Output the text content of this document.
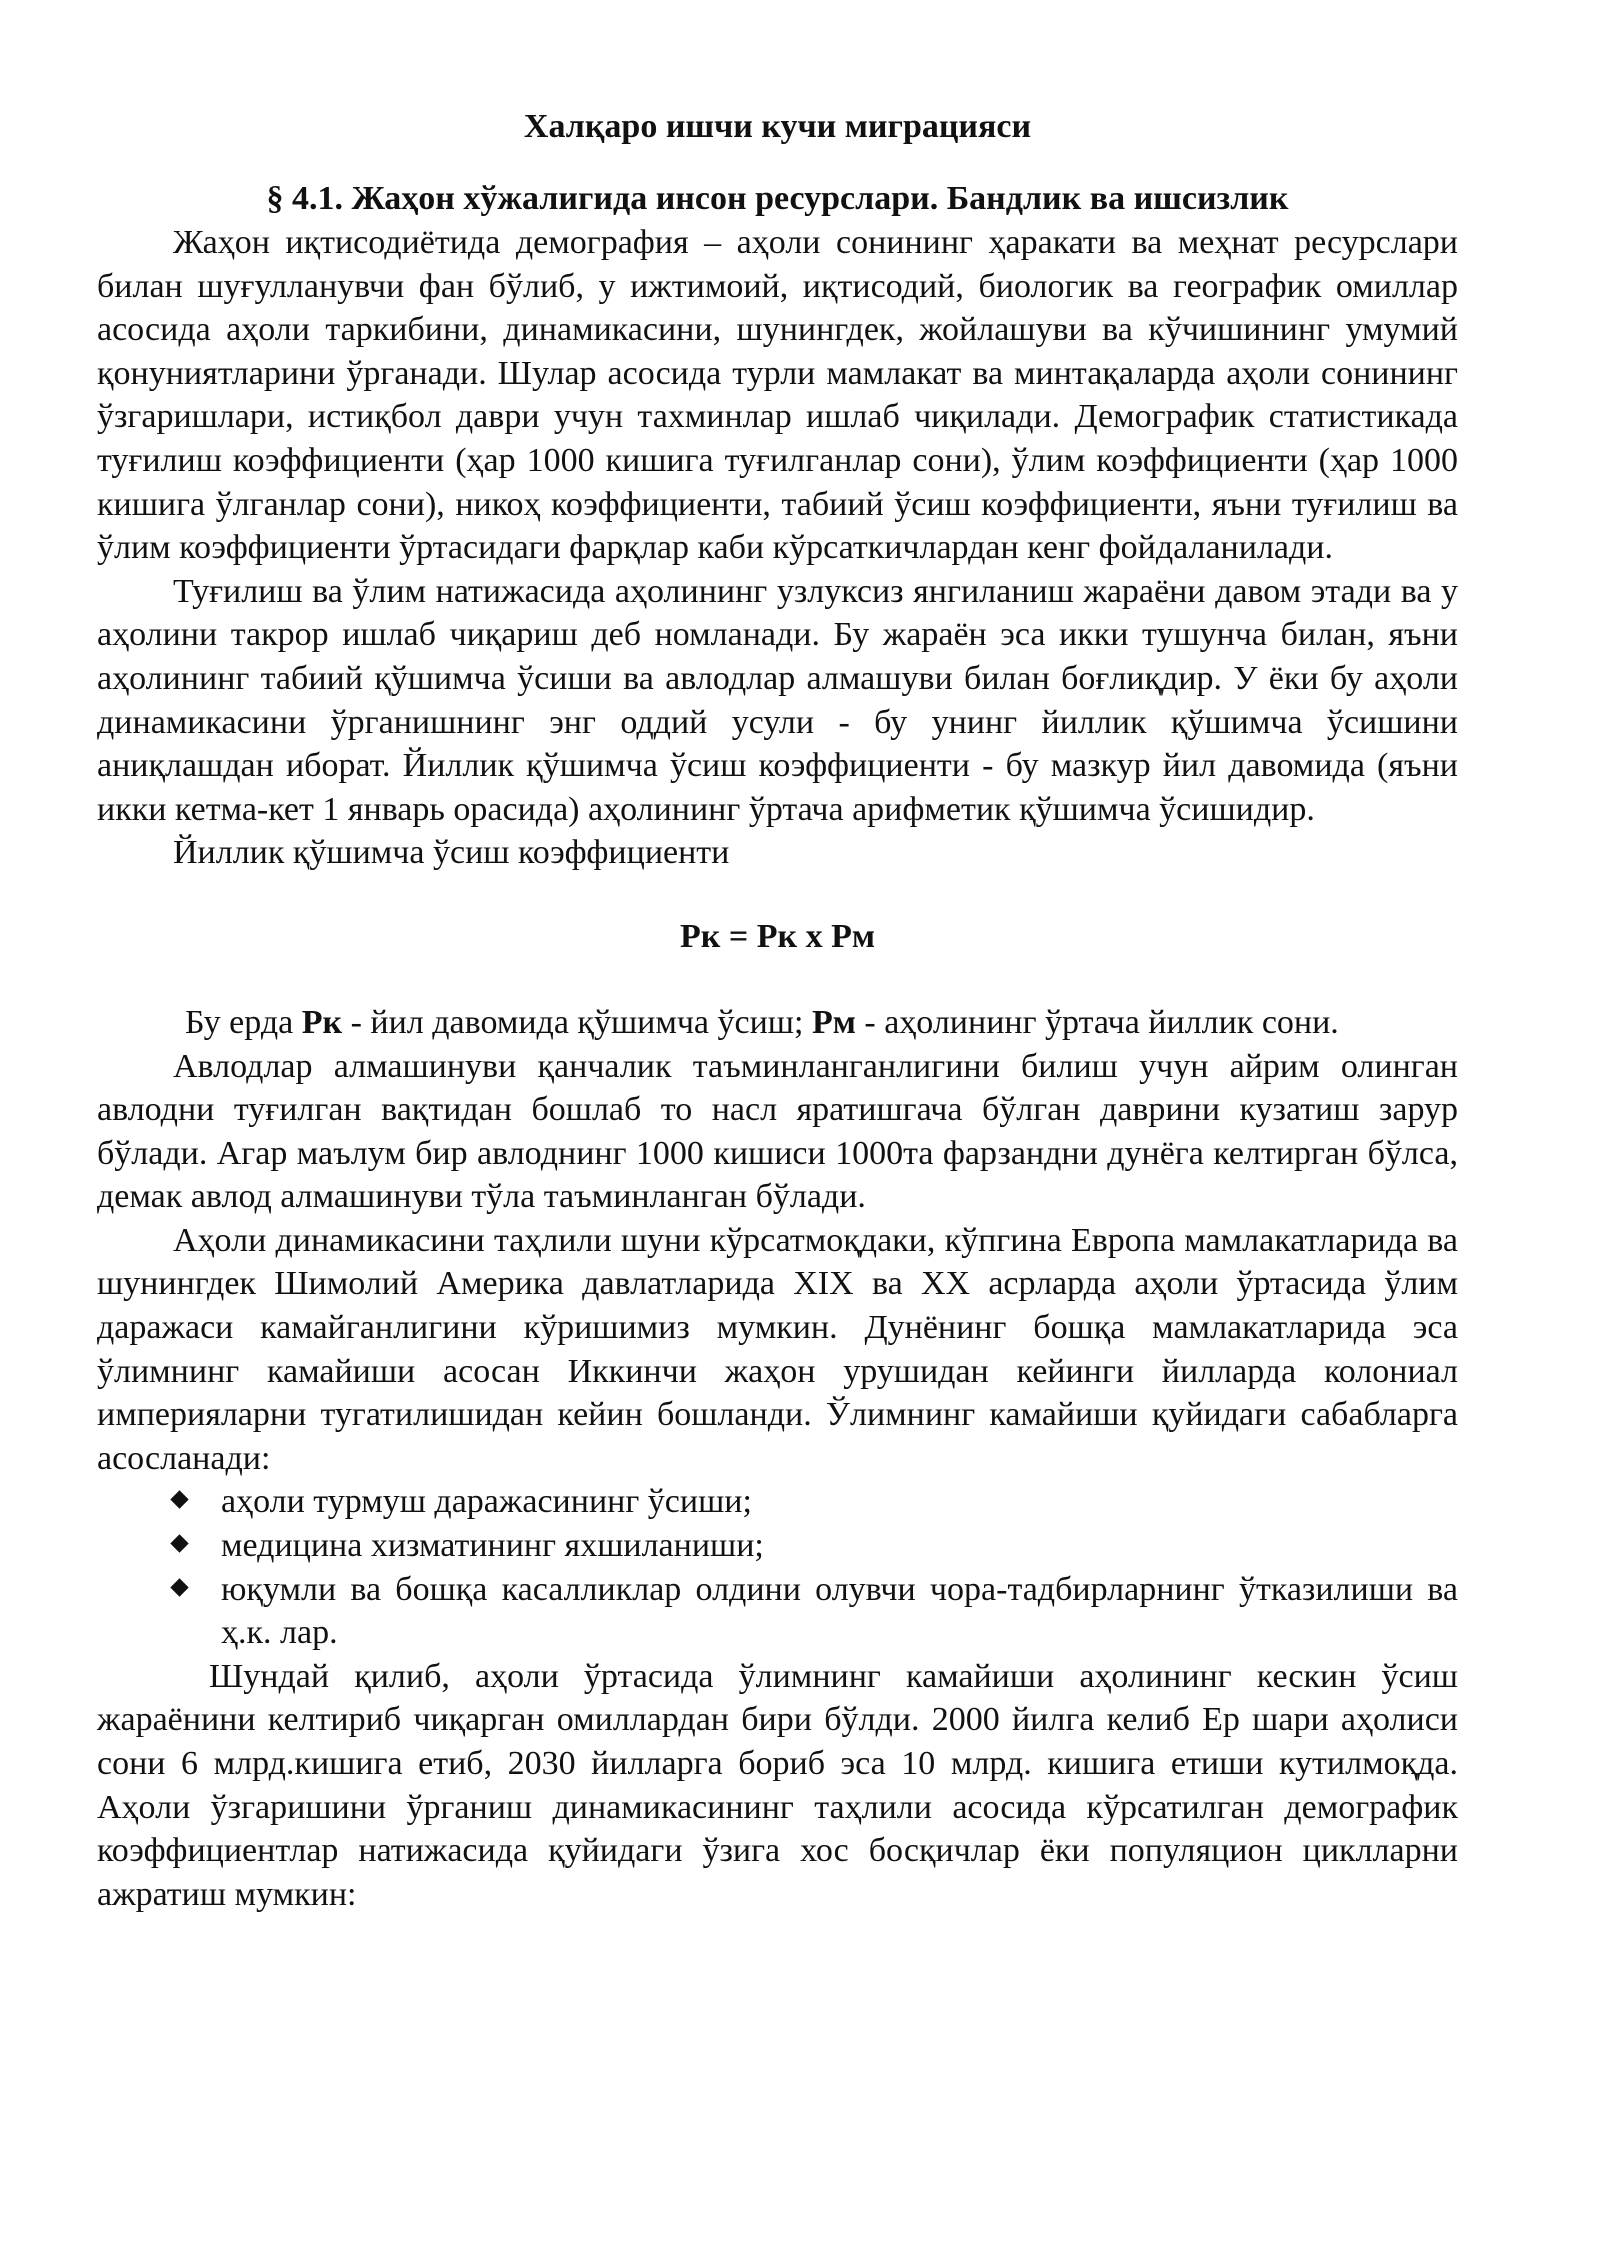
Халқаро ишчи кучи миграцияси
§ 4.1. Жаҳон хўжалигида инсон ресурслари. Бандлик ва ишсизлик

Жаҳон иқтисодиётида демография – аҳоли сонининг ҳаракати ва меҳнат ресурслари билан шуғулланувчи фан бўлиб, у ижтимоий, иқтисодий, биологик ва географик омиллар асосида аҳоли таркибини, динамикасини, шунингдек, жойлашуви ва кўчишининг умумий қонуниятларини ўрганади. Шулар асосида турли мамлакат ва минтақаларда аҳоли сонининг ўзгаришлари, истиқбол даври учун тахминлар ишлаб чиқилади. Демографик статистикада туғилиш коэффициенти (ҳар 1000 кишига туғилганлар сони), ўлим коэффициенти (ҳар 1000 кишига ўлганлар сони), никоҳ коэффициенти, табиий ўсиш коэффициенти, яъни туғилиш ва ўлим коэффициенти ўртасидаги фарқлар каби кўрсаткичлардан кенг фойдаланилади.

Туғилиш ва ўлим натижасида аҳолининг узлуксиз янгиланиш жараёни давом этади ва у аҳолини такрор ишлаб чиқариш деб номланади. Бу жараён эса икки тушунча билан, яъни аҳолининг табиий қўшимча ўсиши ва авлодлар алмашуви билан боғлиқдир. У ёки бу аҳоли динамикасини ўрганишнинг энг оддий усули - бу унинг йиллик қўшимча ўсишини аниқлашдан иборат. Йиллик қўшимча ўсиш коэффициенти - бу мазкур йил давомида (яъни икки кетма-кет 1 январь орасида) аҳолининг ўртача арифметик қўшимча ўсишидир.

Йиллик қўшимча ўсиш коэффициенти

Рк = Рк х Рм

Бу ерда Рк - йил давомида қўшимча ўсиш; Рм - аҳолининг ўртача йиллик сони.

Авлодлар алмашинуви қанчалик таъминланганлигини билиш учун айрим олинган авлодни туғилган вақтидан бошлаб то насл яратишгача бўлган даврини кузатиш зарур бўлади. Агар маълум бир авлоднинг 1000 кишиси 1000та фарзандни дунёга келтирган бўлса, демак авлод алмашинуви тўла таъминланган бўлади.

Аҳоли динамикасини таҳлили шуни кўрсатмоқдаки, кўпгина Европа мамлакатларида ва шунингдек Шимолий Америка давлатларида XIX ва XX асрларда аҳоли ўртасида ўлим даражаси камайганлигини кўришимиз мумкин. Дунёнинг бошқа мамлакатларида эса ўлимнинг камайиши асосан Иккинчи жаҳон урушидан кейинги йилларда колониал империяларни тугатилишидан кейин бошланди. Ўлимнинг камайиши қуйидаги сабабларга асосланади:

аҳоли турмуш даражасининг ўсиши;
медицина хизматининг яхшиланиши;
юқумли ва бошқа касалликлар олдини олувчи чора-тадбирларнинг ўтказилиши ва ҳ.к. лар.

Шундай қилиб, аҳоли ўртасида ўлимнинг камайиши аҳолининг кескин ўсиш жараёнини келтириб чиқарган омиллардан бири бўлди. 2000 йилга келиб Ер шари аҳолиси сони 6 млрд.кишига етиб, 2030 йилларга бориб эса 10 млрд. кишига етиши кутилмоқда. Аҳоли ўзгаришини ўрганиш динамикасининг таҳлили асосида кўрсатилган демографик коэффициентлар натижасида қуйидаги ўзига хос босқичлар ёки популяцион циклларни ажратиш мумкин:
